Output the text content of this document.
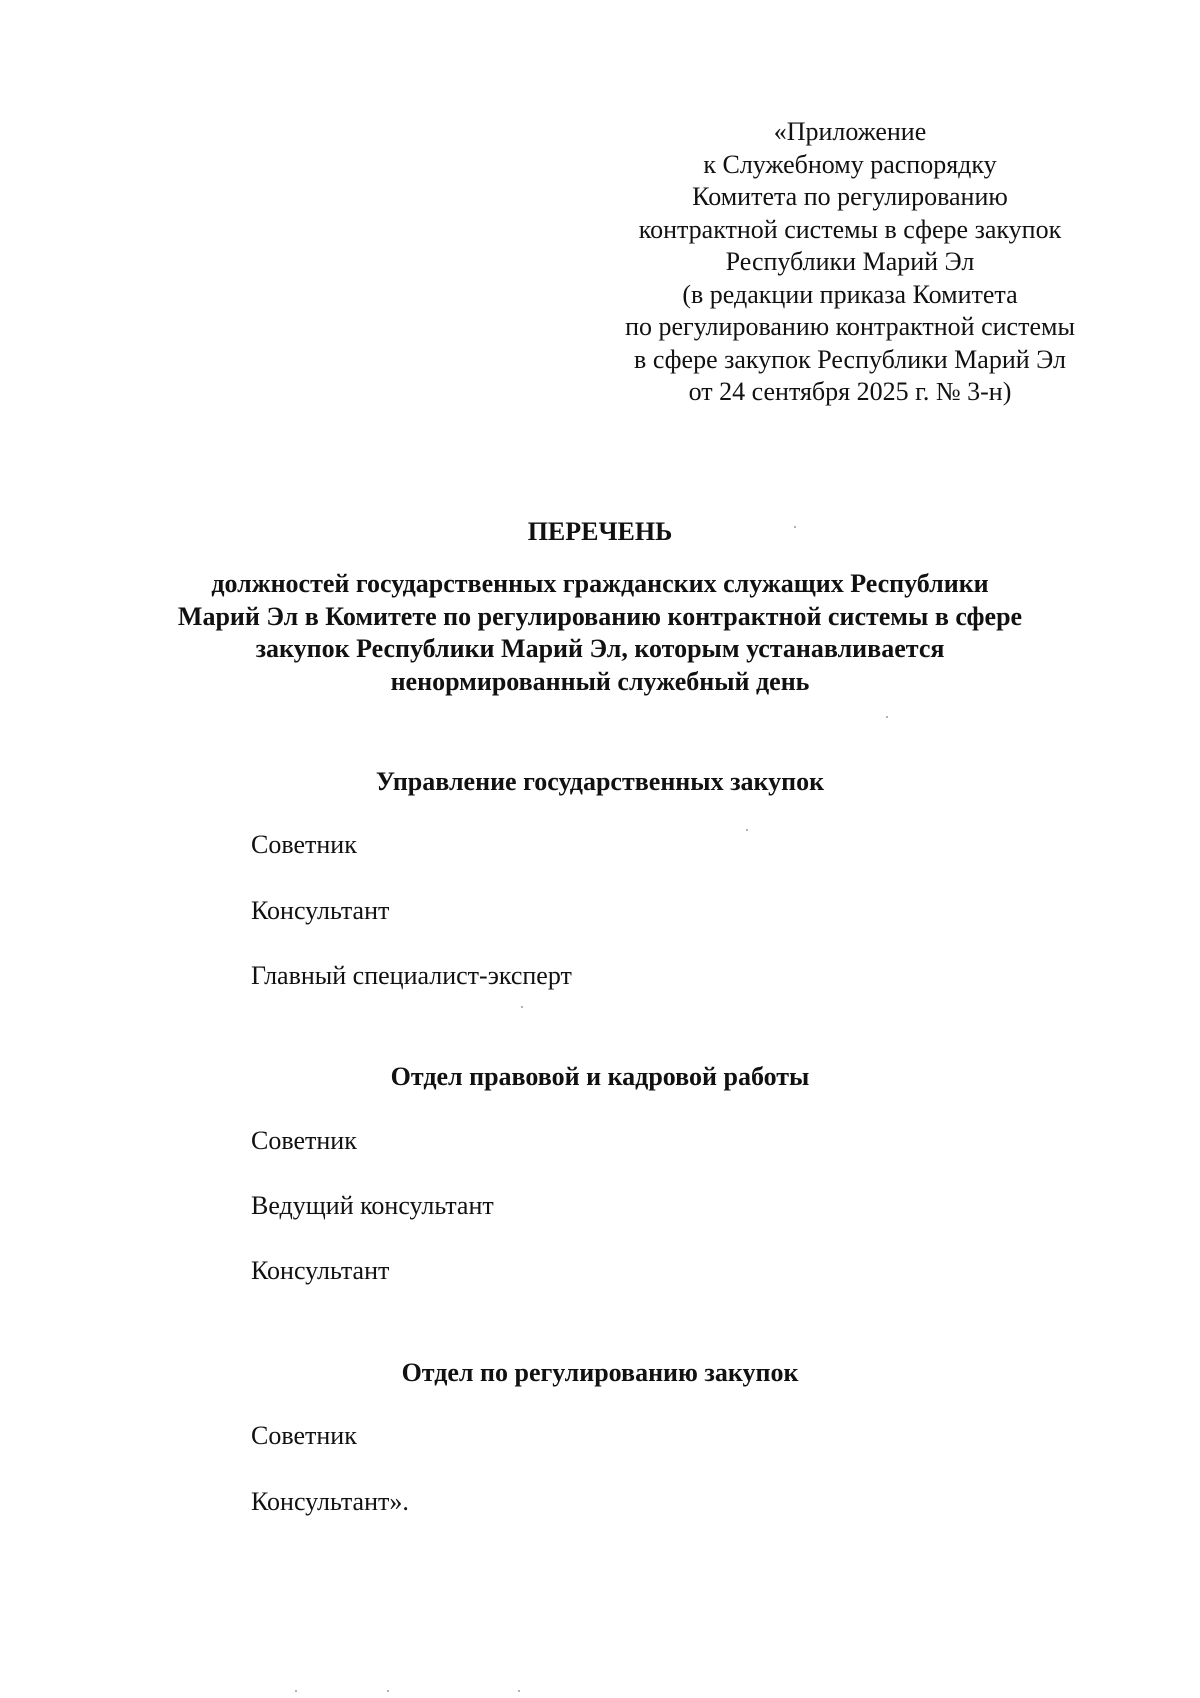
«Приложение
к Служебному распорядку
Комитета по регулированию
контрактной системы в сфере закупок
Республики Марий Эл
(в редакции приказа Комитета
по регулированию контрактной системы
в сфере закупок Республики Марий Эл
от 24 сентября 2025 г. № 3-н)
ПЕРЕЧЕНЬ
должностей государственных гражданских служащих Республики
Марий Эл в Комитете по регулированию контрактной системы в сфере
закупок Республики Марий Эл, которым устанавливается
ненормированный служебный день
Управление государственных закупок
Советник
Консультант
Главный специалист-эксперт
Отдел правовой и кадровой работы
Советник
Ведущий консультант
Консультант
Отдел по регулированию закупок
Советник
Консультант».
